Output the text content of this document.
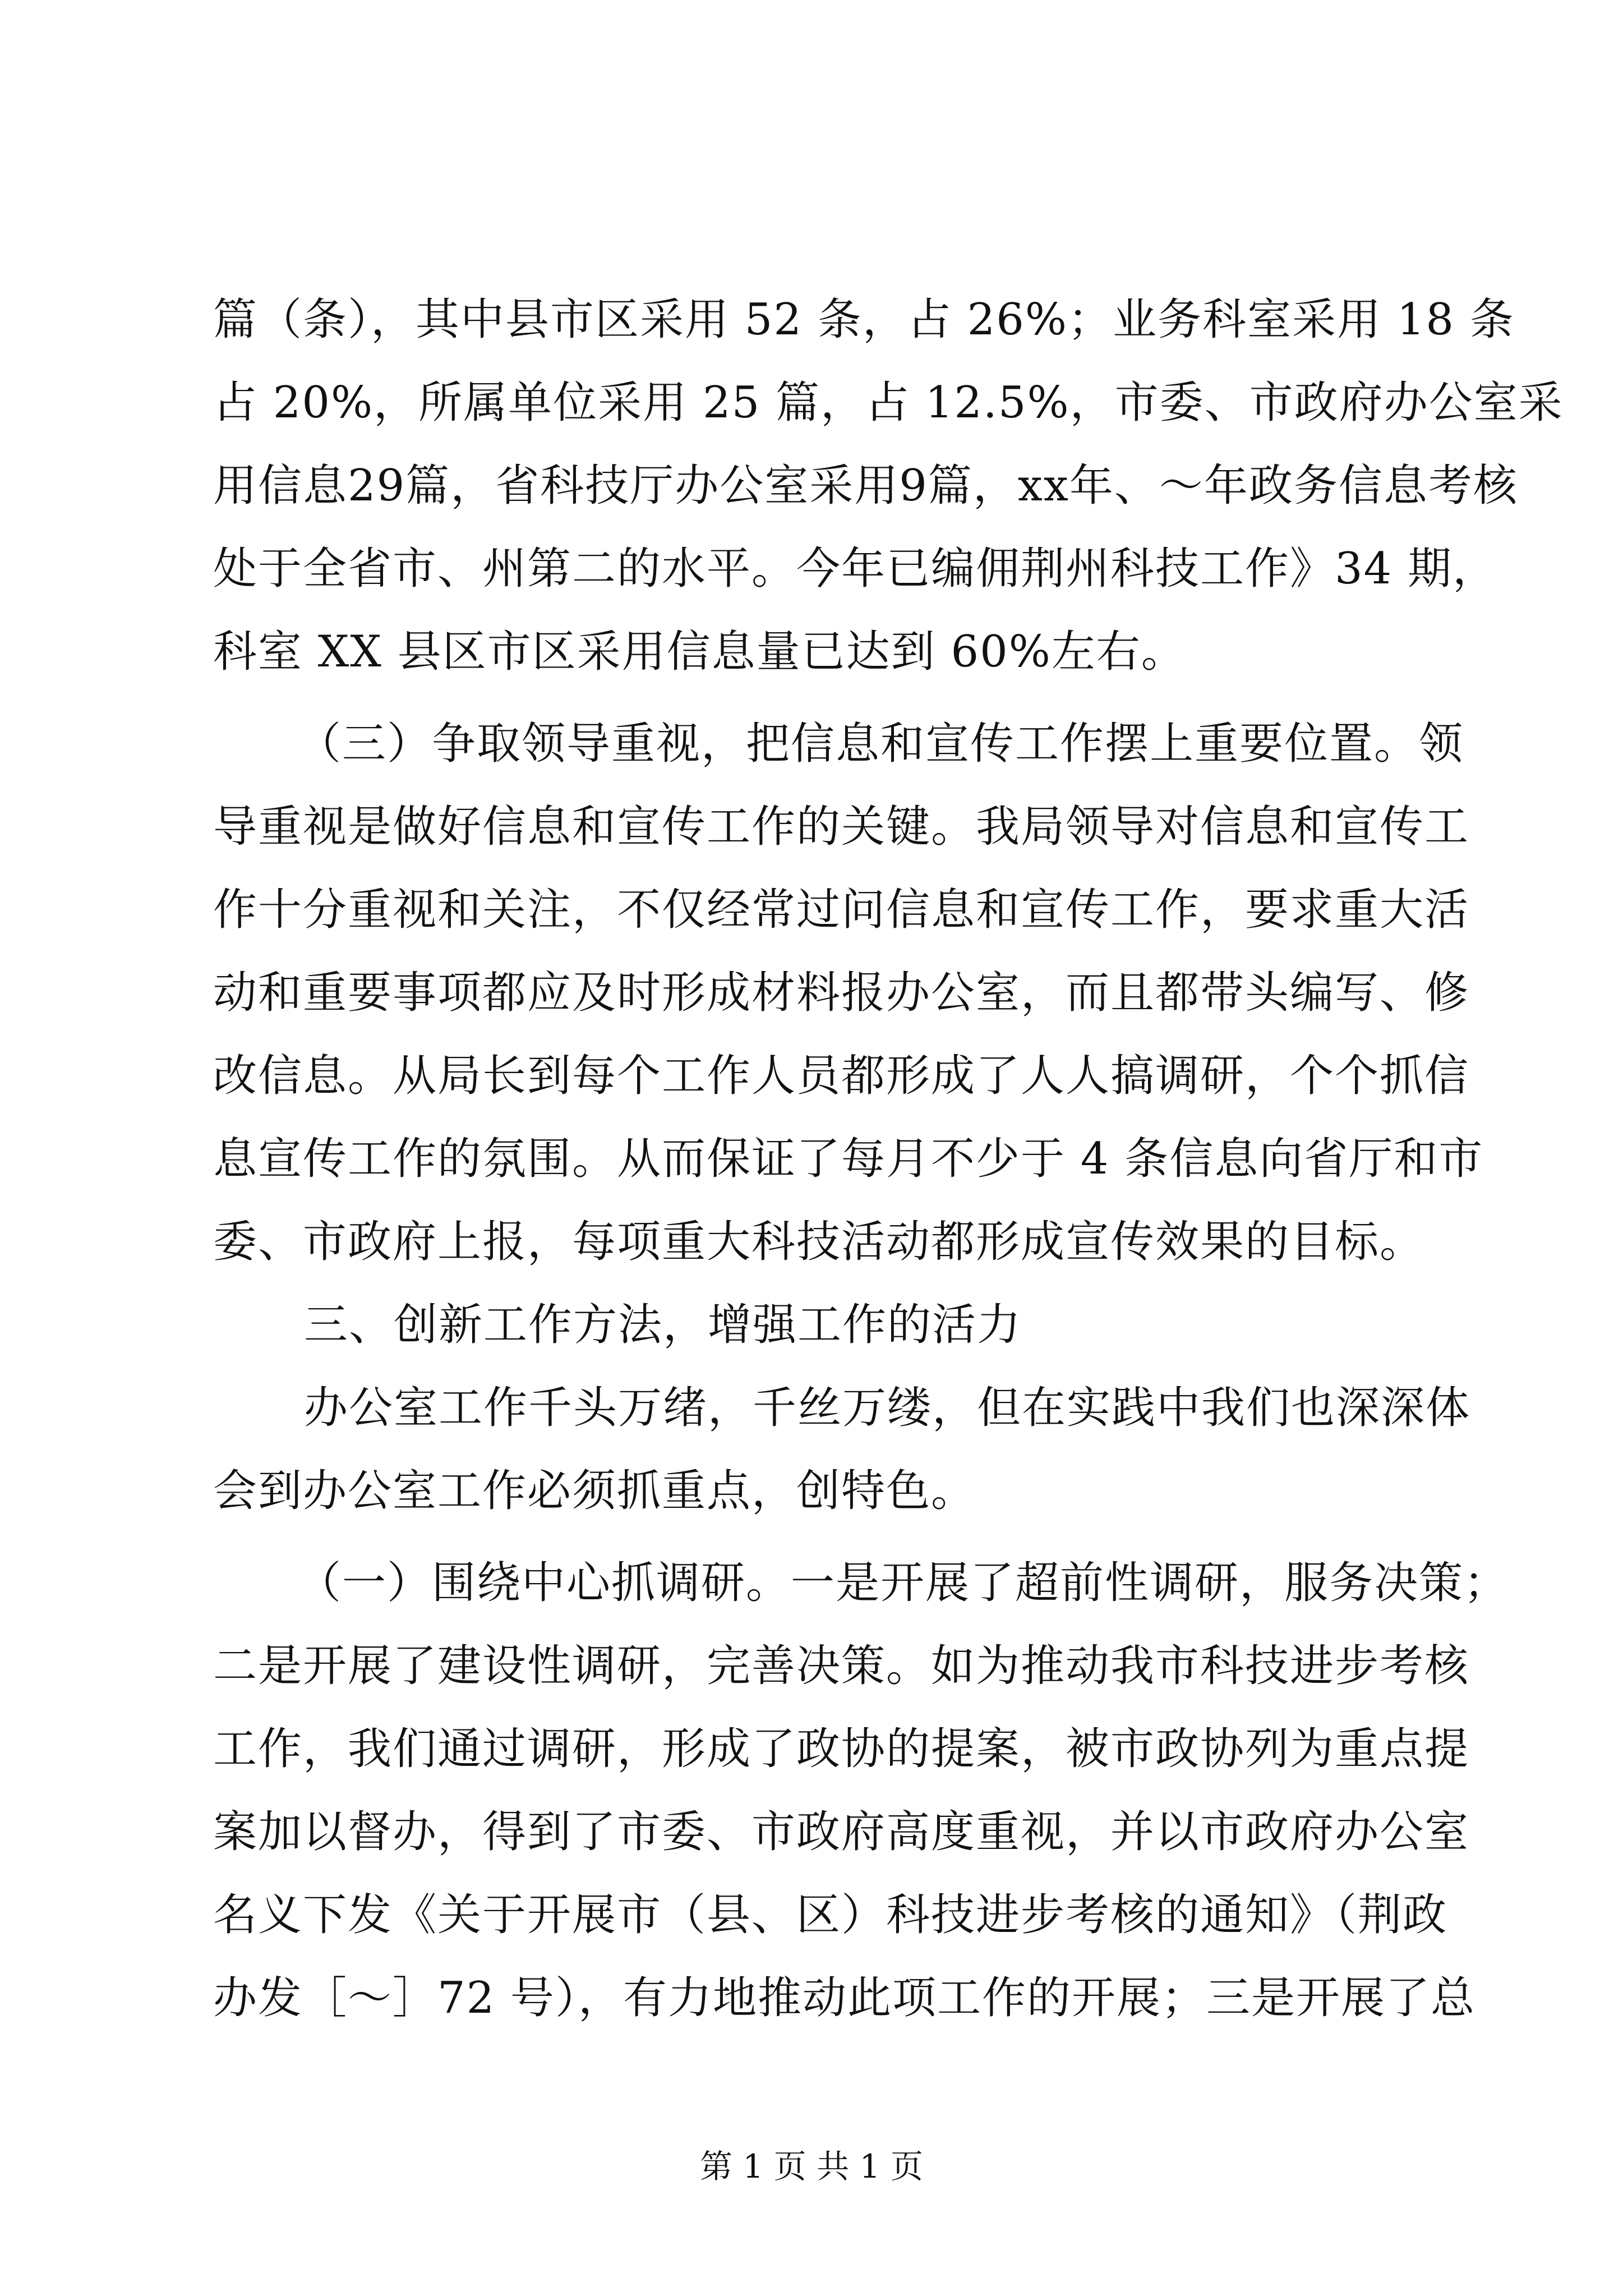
篇（条），其中县市区采用 52 条，占 26%；业务科室采用 18 条
占 20%，所属单位采用 25 篇，占 12.5%，市委、市政府办公室采
用信息29篇，省科技厅办公室采用9篇，xx年、～年政务信息考核
处于全省市、州第二的水平。今年已编佣荆州科技工作》34 期，
科室 XX 县区市区采用信息量已达到 60%左右。
（三）争取领导重视，把信息和宣传工作摆上重要位置。领
导重视是做好信息和宣传工作的关键。我局领导对信息和宣传工
作十分重视和关注，不仅经常过问信息和宣传工作，要求重大活
动和重要事项都应及时形成材料报办公室，而且都带头编写、修
改信息。从局长到每个工作人员都形成了人人搞调研，个个抓信
息宣传工作的氛围。从而保证了每月不少于 4 条信息向省厅和市
委、市政府上报，每项重大科技活动都形成宣传效果的目标。
三、创新工作方法，增强工作的活力
办公室工作千头万绪，千丝万缕，但在实践中我们也深深体
会到办公室工作必须抓重点，创特色。
（一）围绕中心抓调研。一是开展了超前性调研，服务决策；
二是开展了建设性调研，完善决策。如为推动我市科技进步考核
工作，我们通过调研，形成了政协的提案，被市政协列为重点提
案加以督办，得到了市委、市政府高度重视，并以市政府办公室
名义下发《关于开展市（县、区）科技进步考核的通知》（荆政
办发［～］72 号），有力地推动此项工作的开展；三是开展了总
第 1 页 共 1 页
